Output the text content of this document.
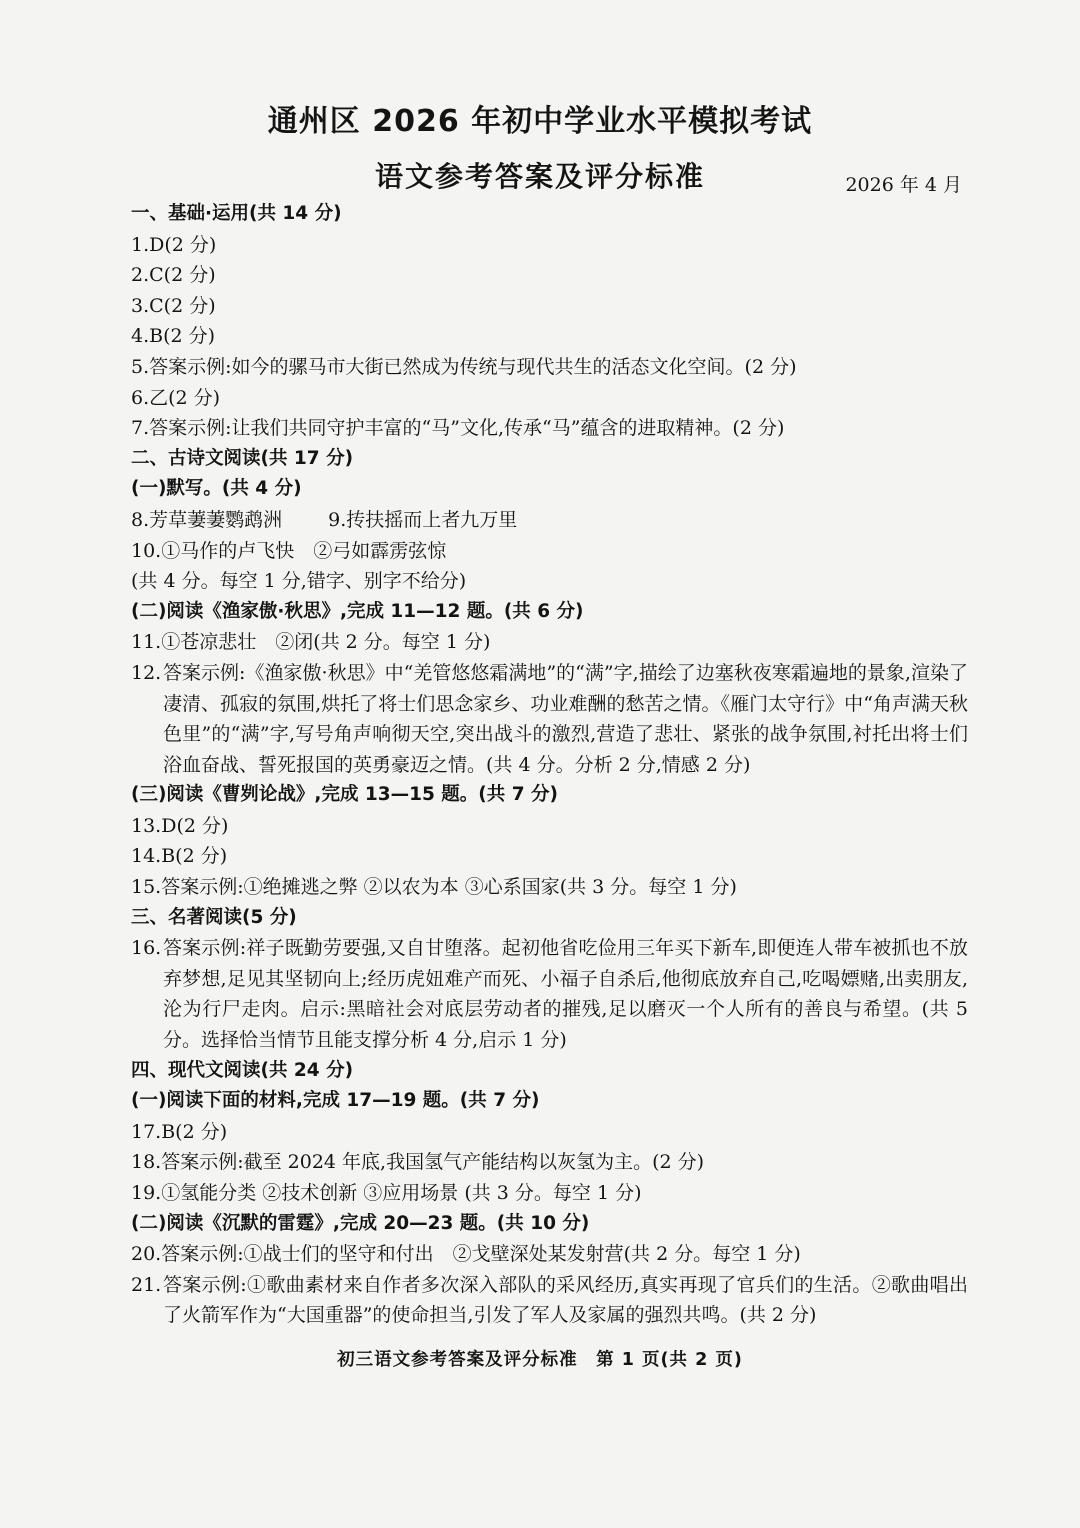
通州区 2026 年初中学业水平模拟考试
语文参考答案及评分标准	2026 年 4 月
一、基础·运用(共 14 分)
1.D(2 分)
2.C(2 分)
3.C(2 分)
4.B(2 分)
5.答案示例:如今的骡马市大街已然成为传统与现代共生的活态文化空间。(2 分)
6.乙(2 分)
7.答案示例:让我们共同守护丰富的“马”文化,传承“马”蕴含的进取精神。(2 分)
二、古诗文阅读(共 17 分)
(一)默写。(共 4 分)
8.芳草萋萋鹦鹉洲 9.抟扶摇而上者九万里
10.①马作的卢飞快　②弓如霹雳弦惊
(共 4 分。每空 1 分,错字、别字不给分)
(二)阅读《渔家傲·秋思》,完成 11—12 题。(共 6 分)
11.①苍凉悲壮　②闭(共 2 分。每空 1 分)
12. 答案示例:《渔家傲·秋思》中“羌管悠悠霜满地”的“满”字,描绘了边塞秋夜寒霜遍地的景象,渲染了凄清、孤寂的氛围,烘托了将士们思念家乡、功业难酬的愁苦之情。《雁门太守行》中“角声满天秋色里”的“满”字,写号角声响彻天空,突出战斗的激烈,营造了悲壮、紧张的战争氛围,衬托出将士们浴血奋战、誓死报国的英勇豪迈之情。(共 4 分。分析 2 分,情感 2 分)
(三)阅读《曹刿论战》,完成 13—15 题。(共 7 分)
13.D(2 分)
14.B(2 分)
15.答案示例:①绝摊逃之弊 ②以农为本 ③心系国家(共 3 分。每空 1 分)
三、名著阅读(5 分)
16. 答案示例:祥子既勤劳要强,又自甘堕落。起初他省吃俭用三年买下新车,即便连人带车被抓也不放弃梦想,足见其坚韧向上;经历虎妞难产而死、小福子自杀后,他彻底放弃自己,吃喝嫖赌,出卖朋友,沦为行尸走肉。启示:黑暗社会对底层劳动者的摧残,足以磨灭一个人所有的善良与希望。(共 5 分。选择恰当情节且能支撑分析 4 分,启示 1 分)
四、现代文阅读(共 24 分)
(一)阅读下面的材料,完成 17—19 题。(共 7 分)
17.B(2 分)
18.答案示例:截至 2024 年底,我国氢气产能结构以灰氢为主。(2 分)
19.①氢能分类 ②技术创新 ③应用场景 (共 3 分。每空 1 分)
(二)阅读《沉默的雷霆》,完成 20—23 题。(共 10 分)
20.答案示例:①战士们的坚守和付出　②戈壁深处某发射营(共 2 分。每空 1 分)
21. 答案示例:①歌曲素材来自作者多次深入部队的采风经历,真实再现了官兵们的生活。②歌曲唱出了火箭军作为“大国重器”的使命担当,引发了军人及家属的强烈共鸣。(共 2 分)
初三语文参考答案及评分标准　第 1 页(共 2 页)
